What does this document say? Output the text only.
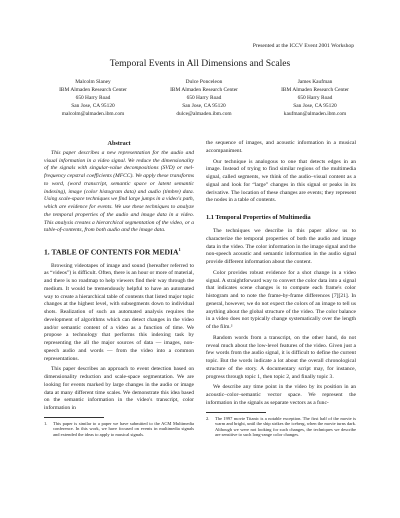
Presented at the ICCV Event 2001 Workshop
Temporal Events in All Dimensions and Scales
Malcolm Slaney
IBM Almaden Research Center
650 Harry Road
San Jose, CA 95120
malcolm@almaden.ibm.com
Dulce Ponceleon
IBM Almaden Research Center
650 Harry Road
San Jose, CA 95120
dulce@almaden.ibm.com
James Kaufman
IBM Almaden Research Center
650 Harry Road
San Jose, CA 95120
kaufman@almaden.ibm.com
Abstract

This paper describes a new representation for the audio and visual information in a video signal. We reduce the dimensionality of the signals with singular-value decompositions (SVD) or mel-frequency cepstral coefficients (MFCC). We apply these transforms to word, (word transcript, semantic space or latent semantic indexing), image (color histogram data) and audio (timbre) data. Using scale-space techniques we find large jumps in a video's path, which are evidence for events. We use these techniques to analyze the temporal properties of the audio and image data in a video. This analysis creates a hierarchical segmentation of the video, or a table-of-contents, from both audio and the image data.

1. TABLE OF CONTENTS FOR MEDIA$^1$

Browsing videotapes of image and sound (hereafter referred to as “videos”) is difficult. Often, there is an hour or more of material, and there is no roadmap to help viewers find their way through the medium. It would be tremendously helpful to have an automated way to create a hierarchical table of contents that listed major topic changes at the highest level, with subsegments down to individual shots. Realization of such an automated analysis requires the development of algorithms which can detect changes in the video and/or semantic content of a video as a function of time. We propose a technology that performs this indexing task by representing the all the major sources of data — images, non-speech audio and words — from the video into a common representations.

This paper describes an approach to event detection based on dimensionality reduction and scale-space segmentation. We are looking for events marked by large changes in the audio or image data at many different time scales. We demonstrate this idea based on the semantic information in the video's transcript, color information in

1.	This paper is similar to a paper we have submitted to the ACM Multimedia conference. In this work, we have focused on events in multimedia signals and extended the ideas to apply to musical signals.

the sequence of images, and acoustic information in a musical accompaniment.

Our technique is analogous to one that detects edges in an image. Instead of trying to find similar regions of the multimedia signal, called segments, we think of the audio–visual content as a signal and look for “large” changes in this signal or peaks in its derivative. The location of these changes are events; they represent the nodes in a table of contents.

1.1 Temporal Properties of Multimedia

The techniques we describe in this paper allow us to characterize the temporal properties of both the audio and image data in the video. The color information in the image signal and the non-speech acoustic and semantic information in the audio signal provide different information about the content.

Color provides robust evidence for a shot change in a video signal. A straightforward way to convert the color data into a signal that indicates scene changes is to compute each frame's color histogram and to note the frame-by-frame differences [7][21]. In general, however, we do not expect the colors of an image to tell us anything about the global structure of the video. The color balance in a video does not typically change systematically over the length of the film.²

Random words from a transcript, on the other hand, do not reveal much about the low-level features of the video. Given just a few words from the audio signal, it is difficult to define the current topic. But the words indicate a lot about the overall chronological structure of the story. A documentary script may, for instance, progress through topic 1, then topic 2, and finally topic 3.

We describe any time point in the video by its position in an acoustic–color–semantic vector space. We represent the information in the signals as separate vectors as a func-

2.	The 1997 movie Titanic is a notable exception. The first half of the movie is warm and bright, until the ship strikes the iceberg, when the movie turns dark. Although we were not looking for such changes, the techniques we describe are sensitive to such long-range color changes.
